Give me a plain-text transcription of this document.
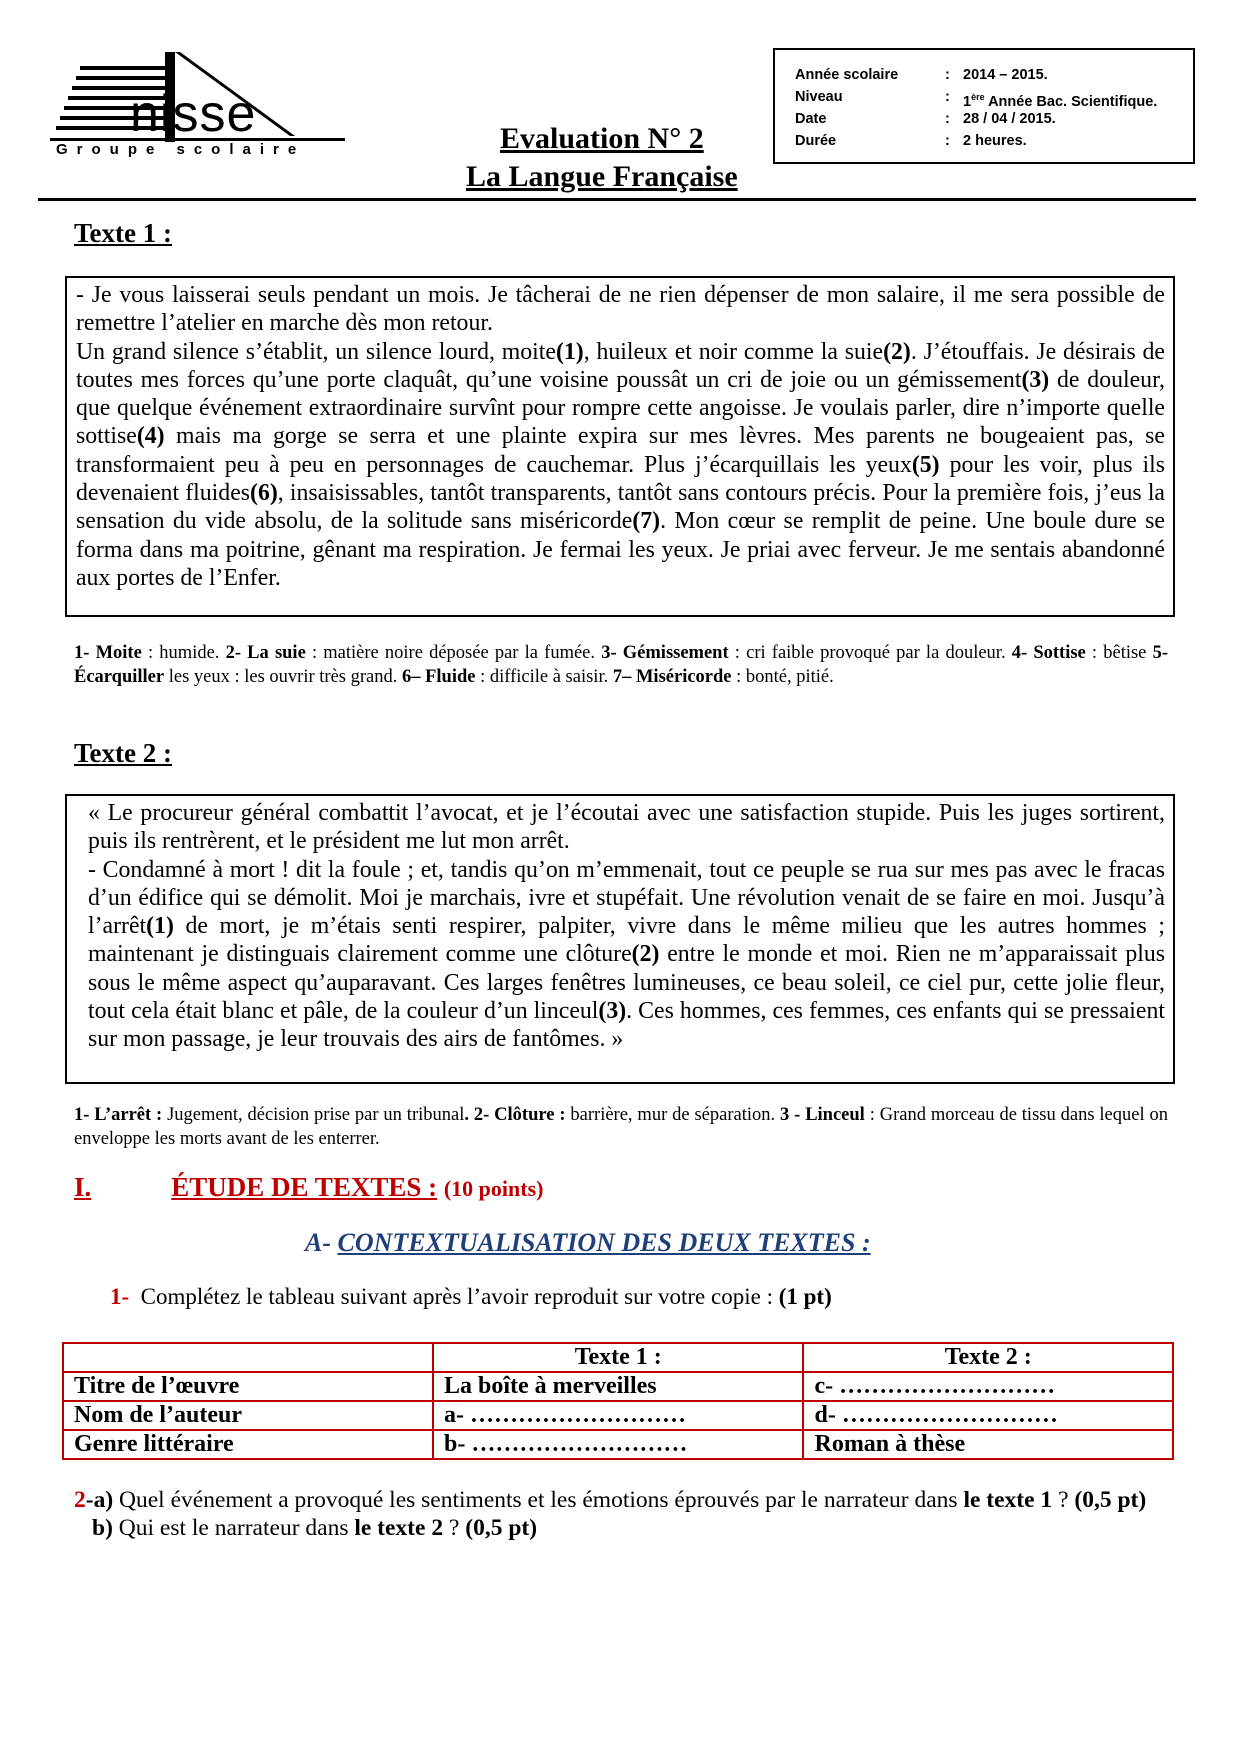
nisse
Groupe scolaire	Evaluation N° 2
La Langue Française
Année scolaire	: 2014 – 2015.
Niveau	: 1ère Année Bac. Scientifique.
Date	: 28 / 04 / 2015.
Durée	: 2 heures.
Texte 1 :

- Je vous laisserai seuls pendant un mois. Je tâcherai de ne rien dépenser de mon salaire, il me sera possible de remettre l’atelier en marche dès mon retour.

Un grand silence s’établit, un silence lourd, moite(1), huileux et noir comme la suie(2). J’étouffais. Je désirais de toutes mes forces qu’une porte claquât, qu’une voisine poussât un cri de joie ou un gémissement(3) de douleur, que quelque événement extraordinaire survînt pour rompre cette angoisse. Je voulais parler, dire n’importe quelle sottise(4) mais ma gorge se serra et une plainte expira sur mes lèvres. Mes parents ne bougeaient pas, se transformaient peu à peu en personnages de cauchemar. Plus j’écarquillais les yeux(5) pour les voir, plus ils devenaient fluides(6), insaisissables, tantôt transparents, tantôt sans contours précis. Pour la première fois, j’eus la sensation du vide absolu, de la solitude sans miséricorde(7). Mon cœur se remplit de peine. Une boule dure se forma dans ma poitrine, gênant ma respiration. Je fermai les yeux. Je priai avec ferveur. Je me sentais abandonné aux portes de l’Enfer.

1- Moite : humide. 2- La suie : matière noire déposée par la fumée. 3- Gémissement : cri faible provoqué par la douleur. 4- Sottise : bêtise 5- Écarquiller les yeux : les ouvrir très grand. 6– Fluide : difficile à saisir. 7– Miséricorde : bonté, pitié.
Texte 2 :

« Le procureur général combattit l’avocat, et je l’écoutai avec une satisfaction stupide. Puis les juges sortirent, puis ils rentrèrent, et le président me lut mon arrêt.

- Condamné à mort ! dit la foule ; et, tandis qu’on m’emmenait, tout ce peuple se rua sur mes pas avec le fracas d’un édifice qui se démolit. Moi je marchais, ivre et stupéfait. Une révolution venait de se faire en moi. Jusqu’à l’arrêt(1) de mort, je m’étais senti respirer, palpiter, vivre dans le même milieu que les autres hommes ; maintenant je distinguais clairement comme une clôture(2) entre le monde et moi. Rien ne m’apparaissait plus sous le même aspect qu’auparavant. Ces larges fenêtres lumineuses, ce beau soleil, ce ciel pur, cette jolie fleur, tout cela était blanc et pâle, de la couleur d’un linceul(3). Ces hommes, ces femmes, ces enfants qui se pressaient sur mon passage, je leur trouvais des airs de fantômes. »

1- L’arrêt : Jugement, décision prise par un tribunal. 2- Clôture : barrière, mur de séparation. 3 - Linceul : Grand morceau de tissu dans lequel on enveloppe les morts avant de les enterrer.
I.	ÉTUDE DE TEXTES : (10 points)
A- CONTEXTUALISATION DES DEUX TEXTES :
1- Complétez le tableau suivant après l’avoir reproduit sur votre copie : (1 pt)
	Texte 1 :	Texte 2 :
Titre de l’œuvre	La boîte à merveilles	c- ………………………
Nom de l’auteur	a- ………………………	d- ………………………
Genre littéraire	b- ………………………	Roman à thèse

2-a) Quel événement a provoqué les sentiments et les émotions éprouvés par le narrateur dans le texte 1 ? (0,5 pt)

b) Qui est le narrateur dans le texte 2 ? (0,5 pt)
